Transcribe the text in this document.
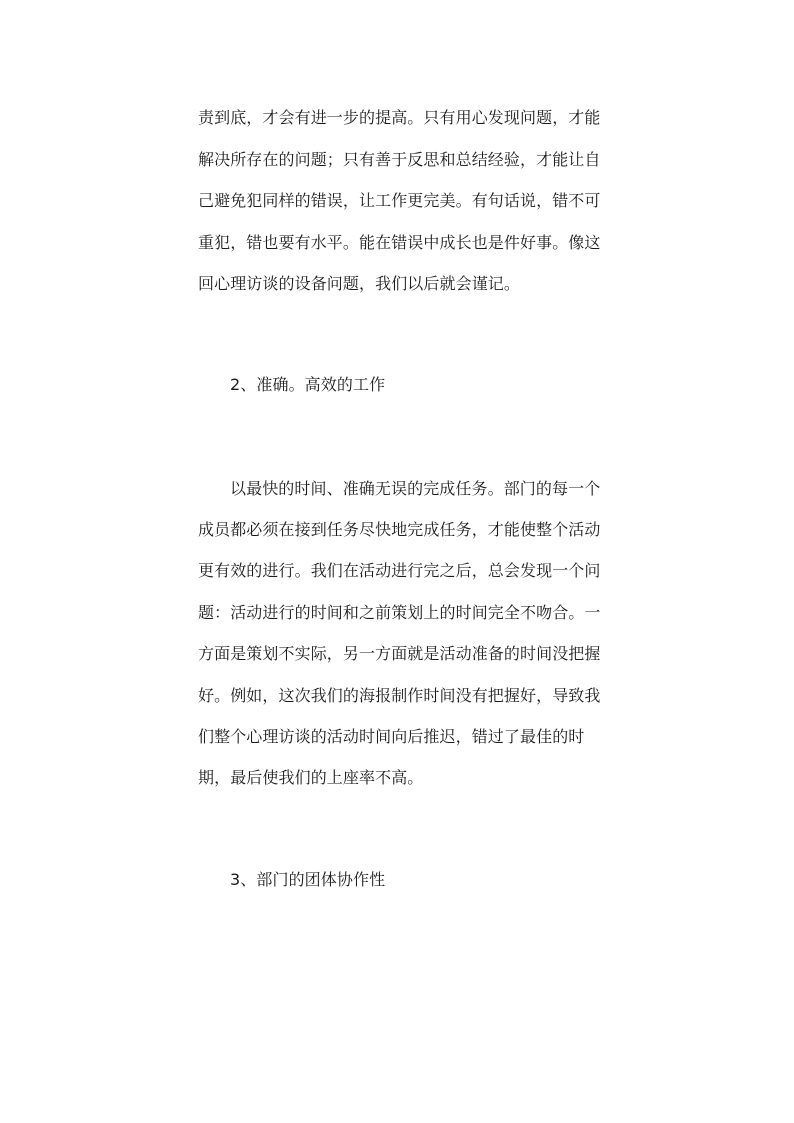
责到底，才会有进一步的提高。只有用心发现问题，才能
解决所存在的问题；只有善于反思和总结经验，才能让自
己避免犯同样的错误，让工作更完美。有句话说，错不可
重犯，错也要有水平。能在错误中成长也是件好事。像这
回心理访谈的设备问题，我们以后就会谨记。
2、准确。高效的工作
以最快的时间、准确无误的完成任务。部门的每一个
成员都必须在接到任务尽快地完成任务，才能使整个活动
更有效的进行。我们在活动进行完之后，总会发现一个问
题：活动进行的时间和之前策划上的时间完全不吻合。一
方面是策划不实际，另一方面就是活动准备的时间没把握
好。例如，这次我们的海报制作时间没有把握好，导致我
们整个心理访谈的活动时间向后推迟，错过了最佳的时
期，最后使我们的上座率不高。
3、部门的团体协作性
